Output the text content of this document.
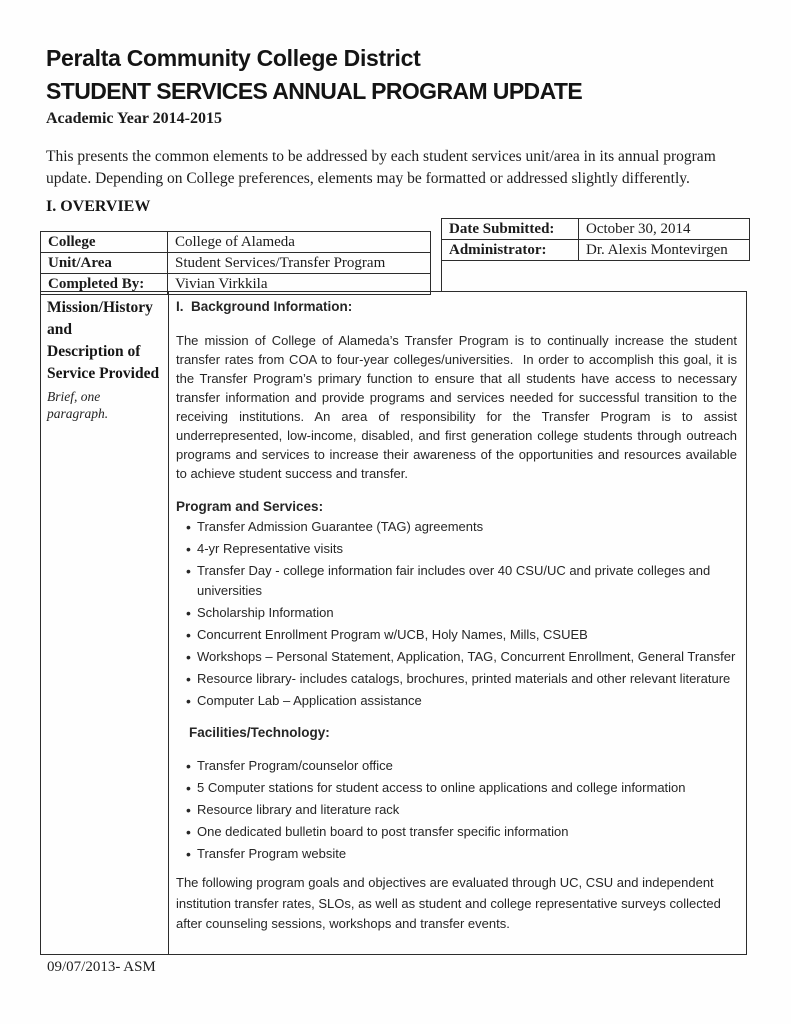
Peralta Community College District
STUDENT SERVICES ANNUAL PROGRAM UPDATE
Academic Year 2014-2015
This presents the common elements to be addressed by each student services unit/area in its annual program update. Depending on College preferences, elements may be formatted or addressed slightly differently.
I. OVERVIEW
Date Submitted:	October 30, 2014
Administrator:	Dr. Alexis Montevirgen
College	College of Alameda
Unit/Area	Student Services/Transfer Program
Completed By:	Vivian Virkkila
Mission/History
and
Description of
Service Provided
Brief, one paragraph.
I.  Background Information:

The mission of College of Alameda’s Transfer Program is to continually increase the student transfer rates from COA to four-year colleges/universities.  In order to accomplish this goal, it is the Transfer Program’s primary function to ensure that all students have access to necessary transfer information and provide programs and services needed for successful transition to the receiving institutions. An area of responsibility for the Transfer Program is to assist underrepresented, low-income, disabled, and first generation college students through outreach programs and services to increase their awareness of the opportunities and resources available to achieve student success and transfer.

Program and Services:
• Transfer Admission Guarantee (TAG) agreements
• 4-yr Representative visits
• Transfer Day - college information fair includes over 40 CSU/UC and private colleges and universities
• Scholarship Information
• Concurrent Enrollment Program w/UCB, Holy Names, Mills, CSUEB
• Workshops – Personal Statement, Application, TAG, Concurrent Enrollment, General Transfer
• Resource library- includes catalogs, brochures, printed materials and other relevant literature
• Computer Lab – Application assistance
Facilities/Technology:
• Transfer Program/counselor office
• 5 Computer stations for student access to online applications and college information
• Resource library and literature rack
• One dedicated bulletin board to post transfer specific information
• Transfer Program website

The following program goals and objectives are evaluated through UC, CSU and independent institution transfer rates, SLOs, as well as student and college representative surveys collected after counseling sessions, workshops and transfer events.

09/07/2013- ASM
